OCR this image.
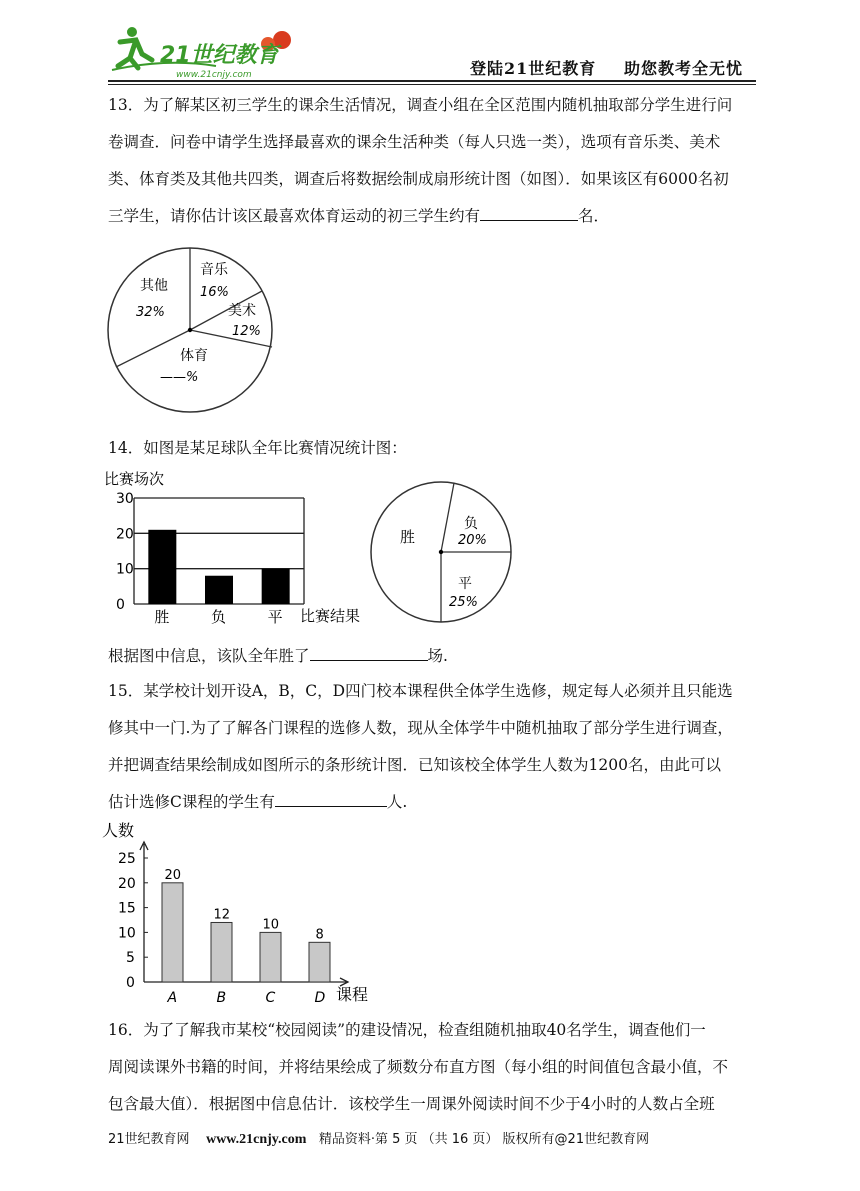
21世纪教育
www.21cnjy.com	登陆21世纪教育 助您教考全无忧

13．为了解某区初三学生的课余生活情况，调查小组在全区范围内随机抽取部分学生进行问

卷调查．问卷中请学生选择最喜欢的课余生活种类（每人只选一类），选项有音乐类、美术

类、体育类及其他共四类，调查后将数据绘制成扇形统计图（如图）．如果该区有6000名初

三学生，请你估计该区最喜欢体育运动的初三学生约有	名．

音乐
16%
美术
12%
体育
——%
其他
32%

14．如图是某足球队全年比赛情况统计图：

比赛场次
0
10
20
30
胜	负	平 比赛结果
胜
负
20%
平
25%

根据图中信息，该队全年胜了	场.

15．某学校计划开设A，B，C，D四门校本课程供全体学生选修，规定每人必须并且只能选

修其中一门.为了了解各门课程的选修人数，现从全体学牛中随机抽取了部分学生进行调查，

并把调查结果绘制成如图所示的条形统计图．已知该校全体学生人数为1200名，由此可以

估计选修C课程的学生有	人.

人数
0
5
10
15
20
25
20
12
10
8
A	B	C	D 课程

16．为了了解我市某校“校园阅读”的建设情况，检查组随机抽取40名学生，调查他们一

周阅读课外书籍的时间，并将结果绘成了频数分布直方图（每小组的时间值包含最小值，不

包含最大值）．根据图中信息估计．该校学生一周课外阅读时间不少于4小时的人数占全班

21世纪教育网 www.21cnjy.com 精品资料·第 5 页 （共 16 页） 版权所有@21世纪教育网
